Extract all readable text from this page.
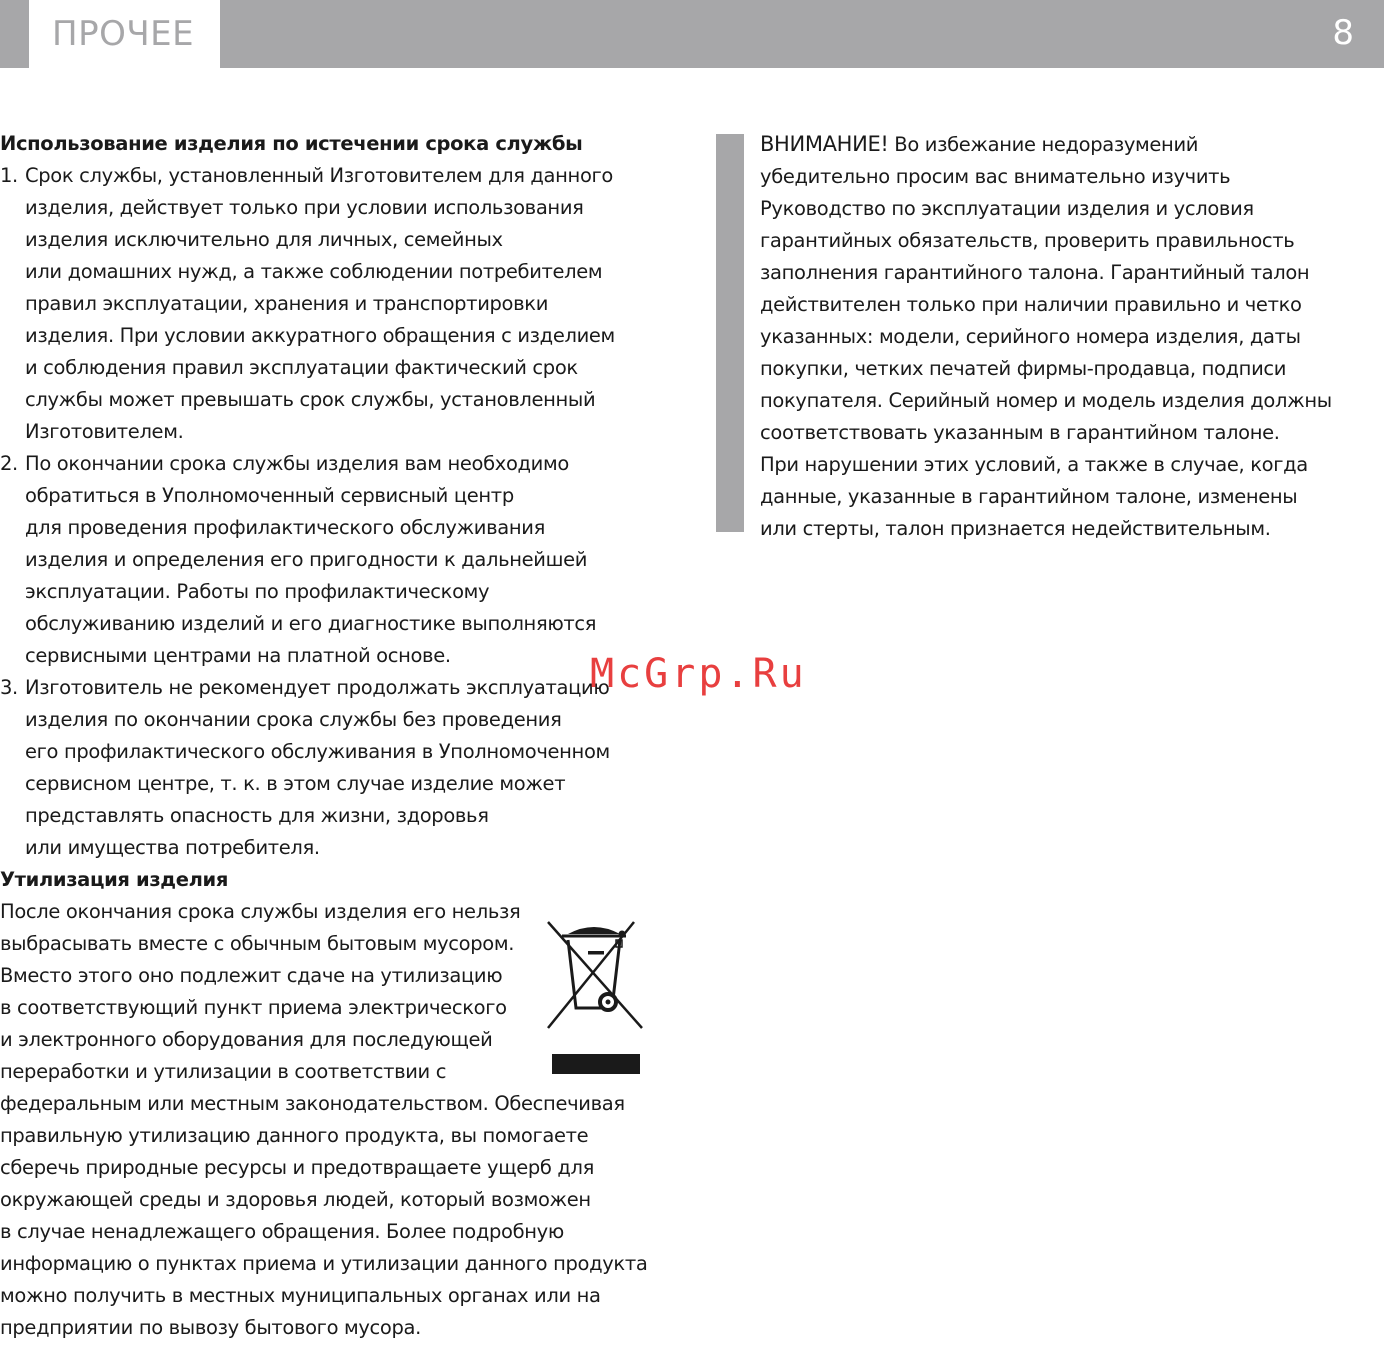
ПРОЧЕЕ	8
Использование изделия по истечении срока службы
1. Срок службы, установленный Изготовителем для данного
изделия, действует только при условии использования
изделия исключительно для личных, семейных
или домашних нужд, а также соблюдении потребителем
правил эксплуатации, хранения и транспортировки
изделия. При условии аккуратного обращения с изделием
и соблюдения правил эксплуатации фактический срок
службы может превышать срок службы, установленный
Изготовителем.
2. По окончании срока службы изделия вам необходимо
обратиться в Уполномоченный сервисный центр
для проведения профилактического обслуживания
изделия и определения его пригодности к дальнейшей
эксплуатации. Работы по профилактическому
обслуживанию изделий и его диагностике выполняются
сервисными центрами на платной основе.
3. Изготовитель не рекомендует продолжать эксплуатацию
изделия по окончании срока службы без проведения
его профилактического обслуживания в Уполномоченном
сервисном центре, т. к. в этом случае изделие может
представлять опасность для жизни, здоровья
или имущества потребителя.
Утилизация изделия
После окончания срока службы изделия его нельзя
выбрасывать вместе с обычным бытовым мусором.
Вместо этого оно подлежит сдаче на утилизацию
в соответствующий пункт приема электрического
и электронного оборудования для последующей
переработки и утилизации в соответствии с
федеральным или местным законодательством. Обеспечивая
правильную утилизацию данного продукта, вы помогаете
сберечь природные ресурсы и предотвращаете ущерб для
окружающей среды и здоровья людей, который возможен
в случае ненадлежащего обращения. Более подробную
информацию о пунктах приема и утилизации данного продукта
можно получить в местных муниципальных органах или на
предприятии по вывозу бытового мусора.
ВНИМАНИЕ! Во избежание недоразумений
убедительно просим вас внимательно изучить
Руководство по эксплуатации изделия и условия
гарантийных обязательств, проверить правильность
заполнения гарантийного талона. Гарантийный талон
действителен только при наличии правильно и четко
указанных: модели, серийного номера изделия, даты
покупки, четких печатей фирмы-продавца, подписи
покупателя. Серийный номер и модель изделия должны
соответствовать указанным в гарантийном талоне.
При нарушении этих условий, а также в случае, когда
данные, указанные в гарантийном талоне, изменены
или стерты, талон признается недействительным.
McGrp.Ru
